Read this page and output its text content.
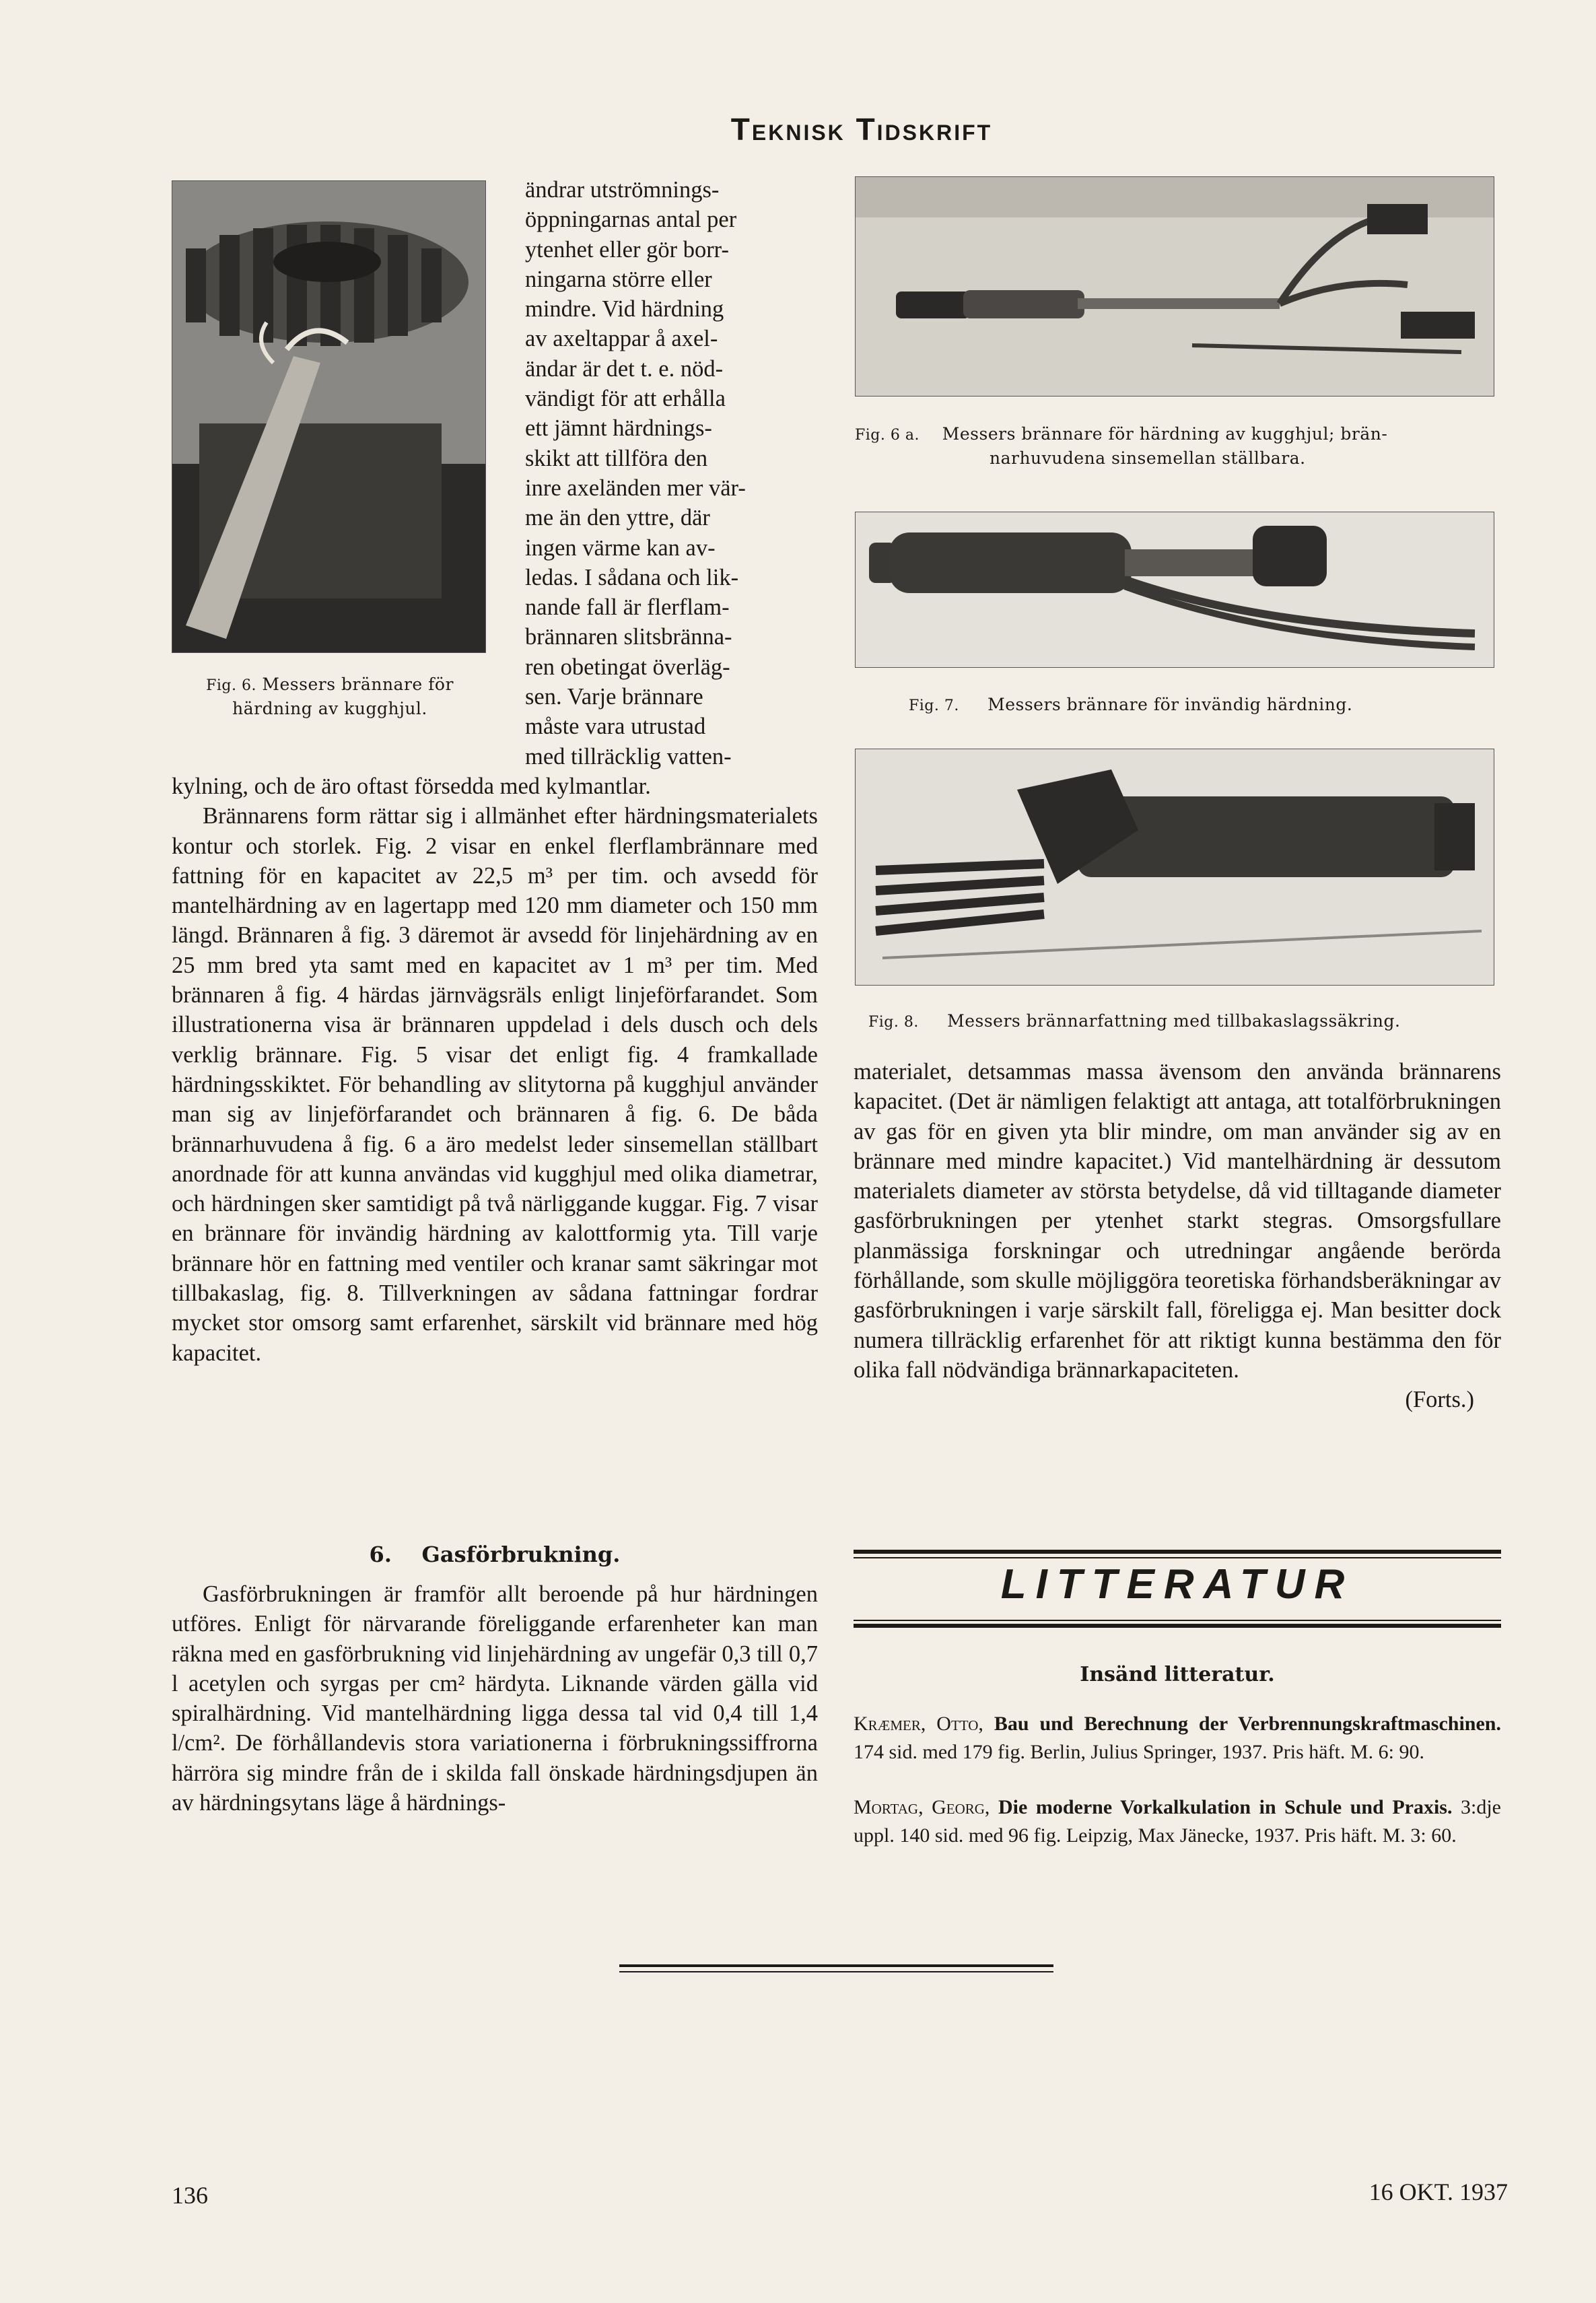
Teknisk Tidskrift
Fig. 6. Messers brännare för härdning av kugghjul.
ändrar utströmnings-
öppningarnas antal per
ytenhet eller gör borr-
ningarna större eller
mindre. Vid härdning
av axeltappar å axel-
ändar är det t. e. nöd-
vändigt för att erhålla
ett jämnt härdnings-
skikt att tillföra den
inre axeländen mer vär-
me än den yttre, där
ingen värme kan av-
ledas. I sådana och lik-
nande fall är flerflam-
brännaren slitsbränna-
ren obetingat överläg-
sen. Varje brännare
måste vara utrustad
med tillräcklig vatten-

kylning, och de äro oftast försedda med kylmantlar.

Brännarens form rättar sig i allmänhet efter härdningsmaterialets kontur och storlek. Fig. 2 visar en enkel flerflambrännare med fattning för en kapacitet av 22,5 m³ per tim. och avsedd för mantelhärdning av en lagertapp med 120 mm diameter och 150 mm längd. Brännaren å fig. 3 däremot är avsedd för linjehärdning av en 25 mm bred yta samt med en kapacitet av 1 m³ per tim. Med brännaren å fig. 4 härdas järnvägsräls enligt linjeförfarandet. Som illustrationerna visa är brännaren uppdelad i dels dusch och dels verklig brännare. Fig. 5 visar det enligt fig. 4 framkallade härdningsskiktet. För behandling av slitytorna på kugghjul använder man sig av linjeförfarandet och brännaren å fig. 6. De båda brännarhuvudena å fig. 6 a äro medelst leder sinsemellan ställbart anordnade för att kunna användas vid kugghjul med olika diametrar, och härdningen sker samtidigt på två närliggande kuggar. Fig. 7 visar en brännare för invändig härdning av kalottformig yta. Till varje brännare hör en fattning med ventiler och kranar samt säkringar mot tillbakaslag, fig. 8. Tillverkningen av sådana fattningar fordrar mycket stor omsorg samt erfarenhet, särskilt vid brännare med hög kapacitet.

6. Gasförbrukning.

Gasförbrukningen är framför allt beroende på hur härdningen utföres. Enligt för närvarande föreliggande erfarenheter kan man räkna med en gasförbrukning vid linjehärdning av ungefär 0,3 till 0,7 l acetylen och syrgas per cm² härdyta. Liknande värden gälla vid spiralhärdning. Vid mantelhärdning ligga dessa tal vid 0,4 till 1,4 l/cm². De förhållandevis stora variationerna i förbrukningssiffrorna härröra sig mindre från de i skilda fall önskade härdningsdjupen än av härdningsytans läge å härdnings-

Fig. 6 a. Messers brännare för härdning av kugghjul; brän-
narhuvudena sinsemellan ställbara.
Fig. 7. Messers brännare för invändig härdning.
Fig. 8. Messers brännarfattning med tillbakaslagssäkring.

materialet, detsammas massa ävensom den använda brännarens kapacitet. (Det är nämligen felaktigt att antaga, att totalförbrukningen av gas för en given yta blir mindre, om man använder sig av en brännare med mindre kapacitet.) Vid mantelhärdning är dessutom materialets diameter av största betydelse, då vid tilltagande diameter gasförbrukningen per ytenhet starkt stegras. Omsorgsfullare planmässiga forskningar och utredningar angående berörda förhållande, som skulle möjliggöra teoretiska förhandsberäkningar av gasförbrukningen i varje särskilt fall, föreligga ej. Man besitter dock numera tillräcklig erfarenhet för att riktigt kunna bestämma den för olika fall nödvändiga brännarkapaciteten.

(Forts.)

LITTERATUR
Insänd litteratur.
Kræmer, Otto, Bau und Berechnung der Verbrennungskraftmaschinen. 174 sid. med 179 fig. Berlin, Julius Springer, 1937. Pris häft. M. 6: 90.
Mortag, Georg, Die moderne Vorkalkulation in Schule und Praxis. 3:dje uppl. 140 sid. med 96 fig. Leipzig, Max Jänecke, 1937. Pris häft. M. 3: 60.
136	16 OKT. 1937
